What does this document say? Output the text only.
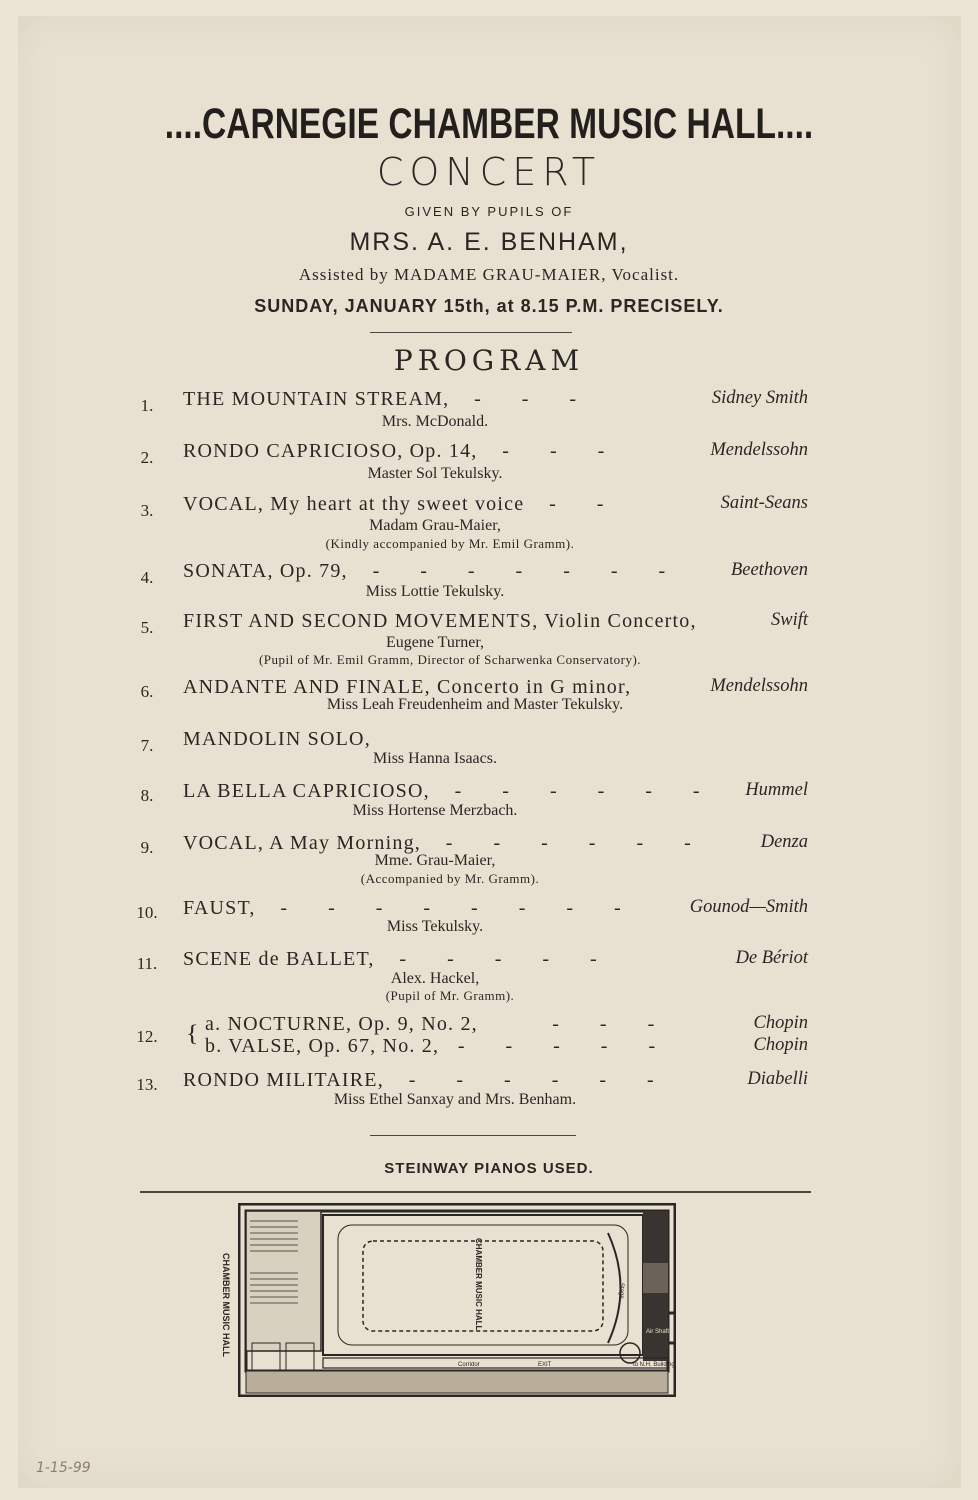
....CARNEGIE CHAMBER MUSIC HALL....
CONCERT
GIVEN BY PUPILS OF
MRS. A. E. BENHAM,
Assisted by MADAME GRAU-MAIER, Vocalist.
SUNDAY, JANUARY 15th, at 8.15 P.M. PRECISELY.
PROGRAM
1.	THE MOUNTAIN STREAM, - - -	Sidney Smith
Mrs. McDonald.
2.	RONDO CAPRICIOSO, Op. 14, - - -	Mendelssohn
Master Sol Tekulsky.
3.	VOCAL, My heart at thy sweet voice - -	Saint-Seans
Madam Grau-Maier,
(Kindly accompanied by Mr. Emil Gramm).
4.	SONATA, Op. 79, - - - - - - -	Beethoven
Miss Lottie Tekulsky.
5.	FIRST AND SECOND MOVEMENTS, Violin Concerto,	Swift
Eugene Turner,
(Pupil of Mr. Emil Gramm, Director of Scharwenka Conservatory).
6.	ANDANTE AND FINALE, Concerto in G minor,	Mendelssohn
Miss Leah Freudenheim and Master Tekulsky.
7.	MANDOLIN SOLO,
Miss Hanna Isaacs.
8.	LA BELLA CAPRICIOSO, - - - - - - Hummel
Miss Hortense Merzbach.
9.	VOCAL, A May Morning, - - - - - -	Denza
Mme. Grau-Maier,
(Accompanied by Mr. Gramm).
10. FAUST, - - - - - - - -	Gounod—Smith
Miss Tekulsky.
11. SCENE de BALLET, - - - - -	De Bériot
Alex. Hackel,
(Pupil of Mr. Gramm).
12. { a. NOCTURNE, Op. 9, No. 2,	- - -	Chopin
b. VALSE, Op. 67, No. 2, - - - - -	Chopin
13. RONDO MILITAIRE, - - - - - -	Diabelli
Miss Ethel Sanxay and Mrs. Benham.
STEINWAY PIANOS USED.
CHAMBER MUSIC HALL	CHAMBER MUSIC HALL	Stage
Corridor	EXIT
Air Shaft
to N.H. Building
1-15-99
